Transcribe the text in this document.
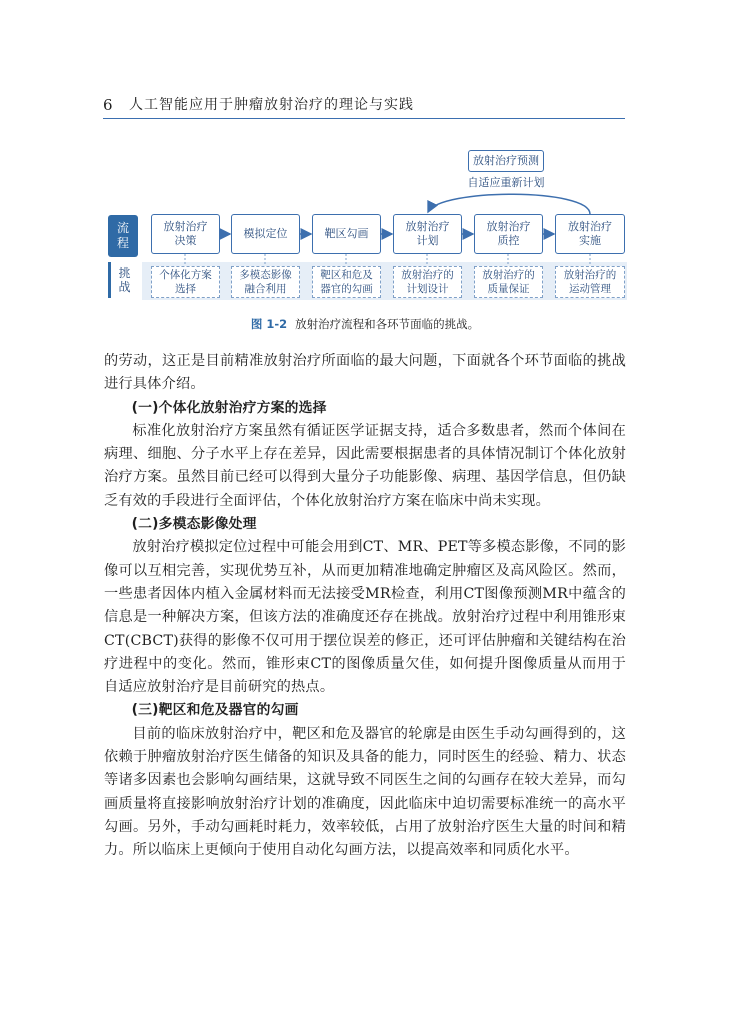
6 人工智能应用于肿瘤放射治疗的理论与实践
放射治疗预测
自适应重新计划
流
程
挑
战
放射治疗
决策
模拟定位	靶区勾画
放射治疗
计划
放射治疗
质控
放射治疗
实施
个体化方案
选择
多模态影像
融合利用
靶区和危及
器官的勾画
放射治疗的
计划设计
放射治疗的
质量保证
放射治疗的
运动管理
图 1-2 放射治疗流程和各环节面临的挑战。

的劳动，这正是目前精准放射治疗所面临的最大问题，下面就各个环节面临的挑战进行具体介绍。

(一)个体化放射治疗方案的选择

标准化放射治疗方案虽然有循证医学证据支持，适合多数患者，然而个体间在病理、细胞、分子水平上存在差异，因此需要根据患者的具体情况制订个体化放射治疗方案。虽然目前已经可以得到大量分子功能影像、病理、基因学信息，但仍缺乏有效的手段进行全面评估，个体化放射治疗方案在临床中尚未实现。

(二)多模态影像处理

放射治疗模拟定位过程中可能会用到CT、MR、PET等多模态影像，不同的影像可以互相完善，实现优势互补，从而更加精准地确定肿瘤区及高风险区。然而，一些患者因体内植入金属材料而无法接受MR检查，利用CT图像预测MR中蕴含的信息是一种解决方案，但该方法的准确度还存在挑战。放射治疗过程中利用锥形束CT(CBCT)获得的影像不仅可用于摆位误差的修正，还可评估肿瘤和关键结构在治疗进程中的变化。然而，锥形束CT的图像质量欠佳，如何提升图像质量从而用于自适应放射治疗是目前研究的热点。

(三)靶区和危及器官的勾画

目前的临床放射治疗中，靶区和危及器官的轮廓是由医生手动勾画得到的，这依赖于肿瘤放射治疗医生储备的知识及具备的能力，同时医生的经验、精力、状态等诸多因素也会影响勾画结果，这就导致不同医生之间的勾画存在较大差异，而勾画质量将直接影响放射治疗计划的准确度，因此临床中迫切需要标准统一的高水平勾画。另外，手动勾画耗时耗力，效率较低，占用了放射治疗医生大量的时间和精力。所以临床上更倾向于使用自动化勾画方法，以提高效率和同质化水平。
